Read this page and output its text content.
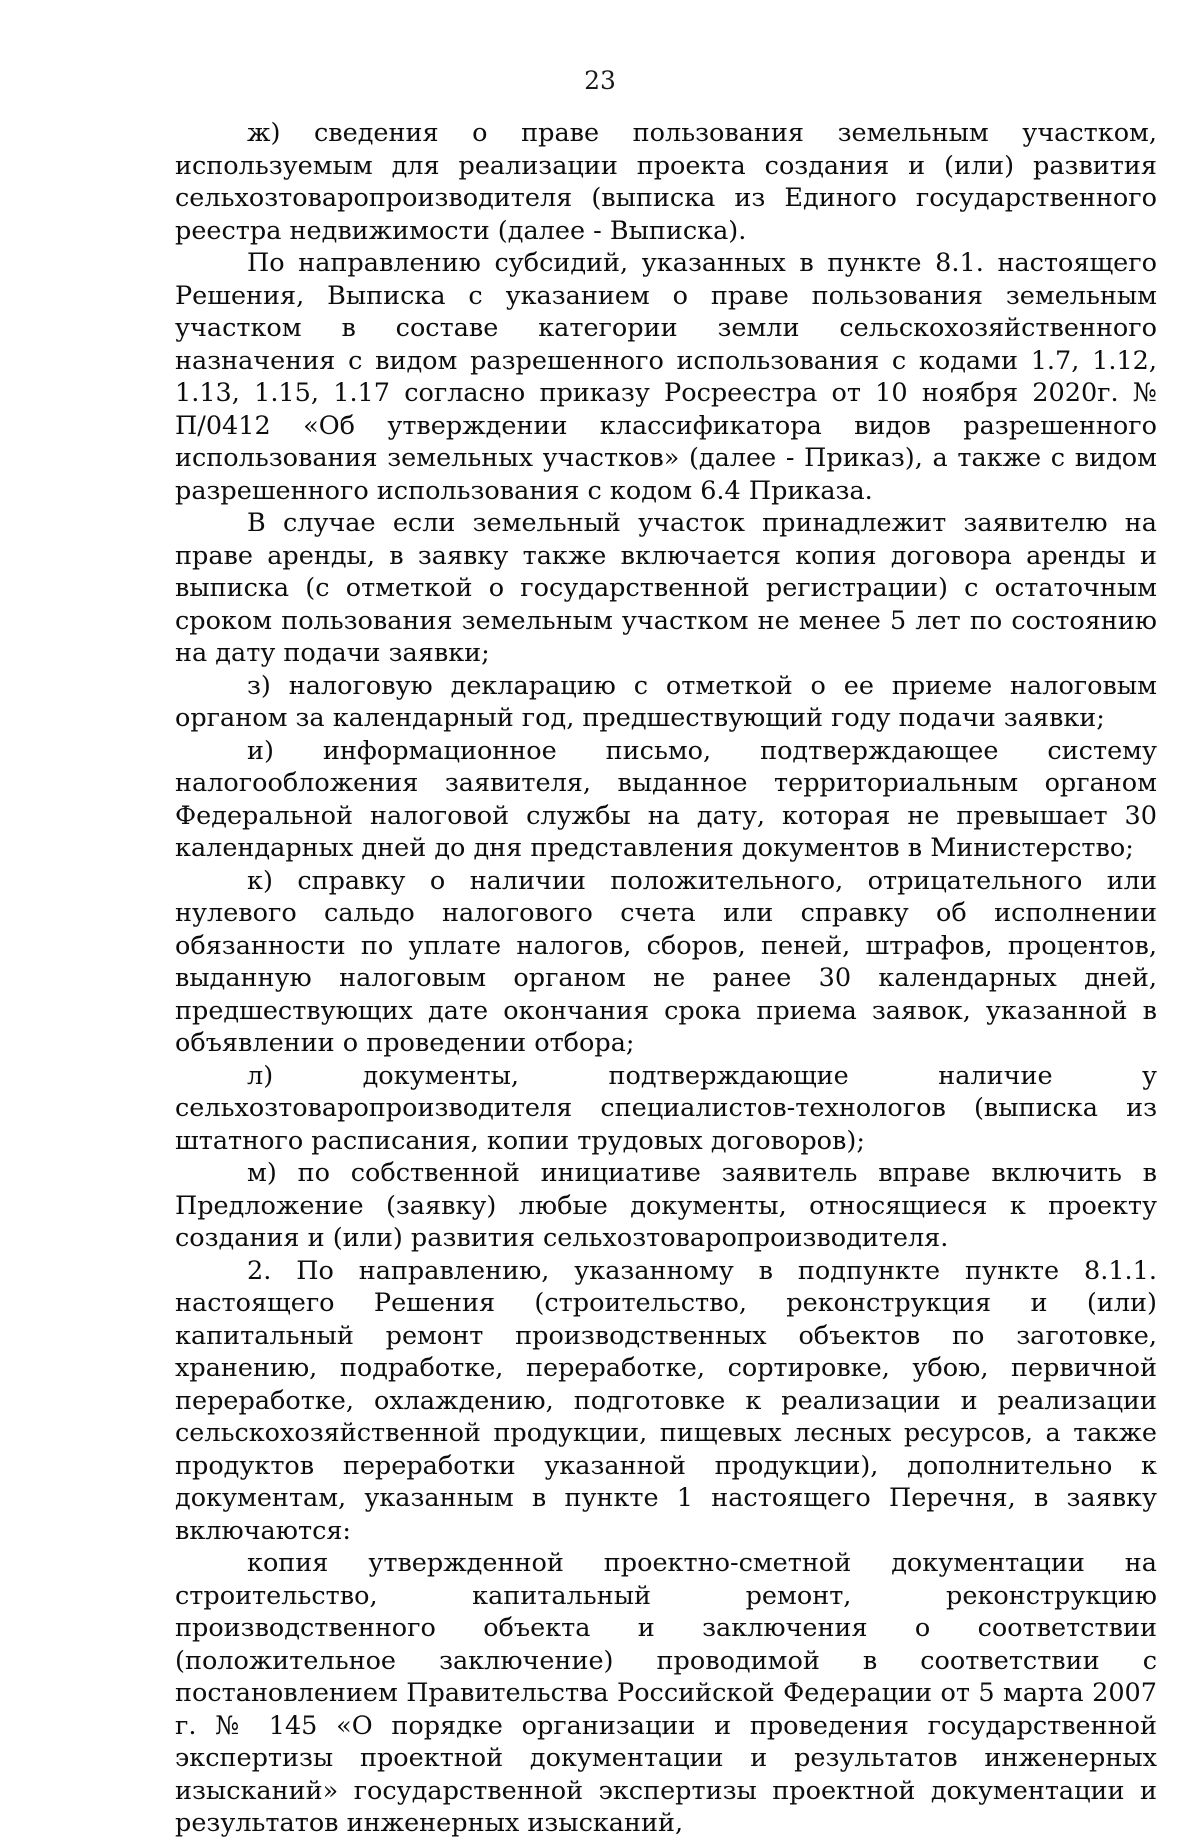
23

ж) сведения о праве пользования земельным участком, используемым для реализации проекта создания и (или) развития сельхозтоваропроизводителя (выписка из Единого государственного реестра недвижимости (далее - Выписка).

По направлению субсидий, указанных в пункте 8.1. настоящего Решения, Выписка с указанием о праве пользования земельным участком в составе категории земли сельскохозяйственного назначения с видом разрешенного использования с кодами 1.7, 1.12, 1.13, 1.15, 1.17 согласно приказу Росреестра от 10 ноября 2020г. № П/0412 «Об утверждении классификатора видов разрешенного использования земельных участков» (далее - Приказ), а также с видом разрешенного использования с кодом 6.4 Приказа.

В случае если земельный участок принадлежит заявителю на праве аренды, в заявку также включается копия договора аренды и выписка (с отметкой о государственной регистрации) с остаточным сроком пользования земельным участком не менее 5 лет по состоянию на дату подачи заявки;

з) налоговую декларацию с отметкой о ее приеме налоговым органом за календарный год, предшествующий году подачи заявки;

и) информационное письмо, подтверждающее систему налогообложения заявителя, выданное территориальным органом Федеральной налоговой службы на дату, которая не превышает 30 календарных дней до дня представления документов в Министерство;

к) справку о наличии положительного, отрицательного или нулевого сальдо налогового счета или справку об исполнении обязанности по уплате налогов, сборов, пеней, штрафов, процентов, выданную налоговым органом не ранее 30 календарных дней, предшествующих дате окончания срока приема заявок, указанной в объявлении о проведении отбора;

л) документы, подтверждающие наличие у сельхозтоваропроизводителя специалистов-технологов (выписка из штатного расписания, копии трудовых договоров);

м) по собственной инициативе заявитель вправе включить в Предложение (заявку) любые документы, относящиеся к проекту создания и (или) развития сельхозтоваропроизводителя.

2. По направлению, указанному в подпункте пункте 8.1.1. настоящего Решения (строительство, реконструкция и (или) капитальный ремонт производственных объектов по заготовке, хранению, подработке, переработке, сортировке, убою, первичной переработке, охлаждению, подготовке к реализации и реализации сельскохозяйственной продукции, пищевых лесных ресурсов, а также продуктов переработки указанной продукции), дополнительно к документам, указанным в пункте 1 настоящего Перечня, в заявку включаются:

копия утвержденной проектно-сметной документации на строительство, капитальный ремонт, реконструкцию производственного объекта и заключения о соответствии (положительное заключение) проводимой в соответствии с постановлением Правительства Российской Федерации от 5 марта 2007 г. № 145 «О порядке организации и проведения государственной экспертизы проектной документации и результатов инженерных изысканий» государственной экспертизы проектной документации и результатов инженерных изысканий,
